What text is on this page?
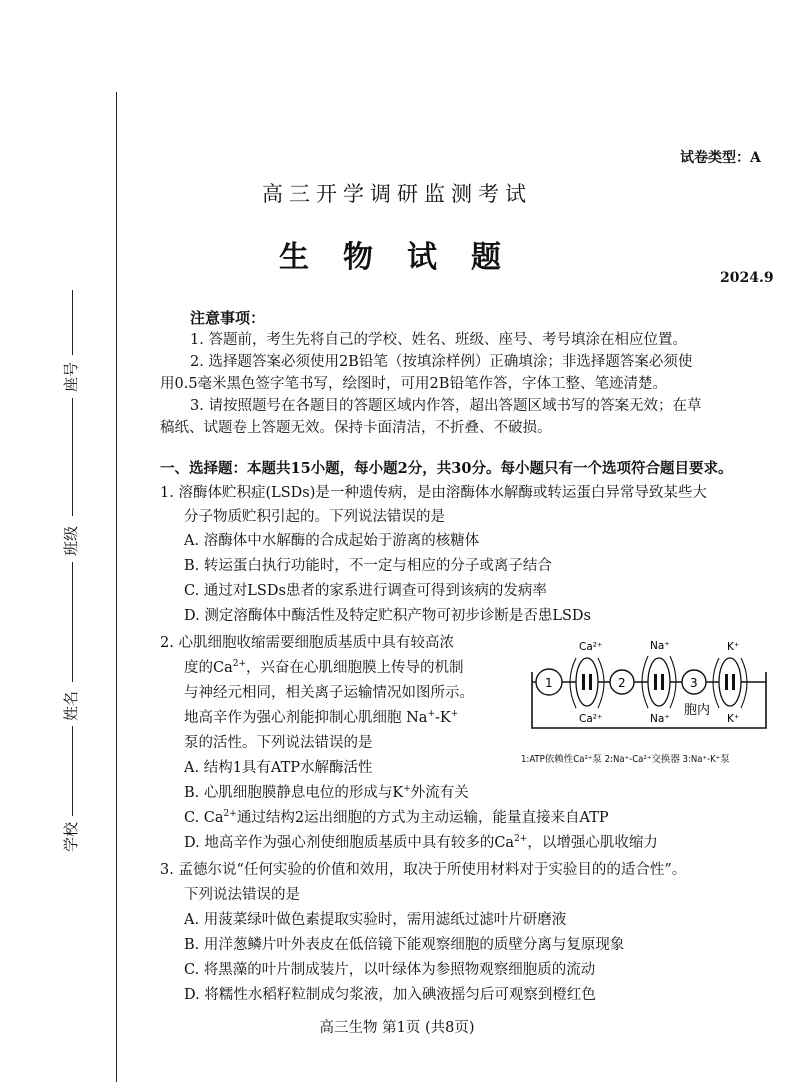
座号
班级
姓名
学校
试卷类型：A
高三开学调研监测考试
生物试题
2024.9
注意事项：
1. 答题前，考生先将自己的学校、姓名、班级、座号、考号填涂在相应位置。
2. 选择题答案必须使用2B铅笔（按填涂样例）正确填涂；非选择题答案必须使
用0.5毫米黑色签字笔书写，绘图时，可用2B铅笔作答，字体工整、笔迹清楚。
3. 请按照题号在各题目的答题区域内作答，超出答题区域书写的答案无效；在草
稿纸、试题卷上答题无效。保持卡面清洁，不折叠、不破损。
一、选择题：本题共15小题，每小题2分，共30分。每小题只有一个选项符合题目要求。
1. 溶酶体贮积症(LSDs)是一种遗传病，是由溶酶体水解酶或转运蛋白异常导致某些大
分子物质贮积引起的。下列说法错误的是
A. 溶酶体中水解酶的合成起始于游离的核糖体
B. 转运蛋白执行功能时，不一定与相应的分子或离子结合
C. 通过对LSDs患者的家系进行调查可得到该病的发病率
D. 测定溶酶体中酶活性及特定贮积产物可初步诊断是否患LSDs
2. 心肌细胞收缩需要细胞质基质中具有较高浓
度的$Ca^{2+}$，兴奋在心肌细胞膜上传导的机制
与神经元相同，相关离子运输情况如图所示。
地高辛作为强心剂能抑制心肌细胞 Na+-K+
泵的活性。下列说法错误的是
A. 结构1具有ATP水解酶活性
B. 心肌细胞膜静息电位的形成与K+外流有关
C. $Ca^{2+}$通过结构2运出细胞的方式为主动运输，能量直接来自ATP
D. 地高辛作为强心剂使细胞质基质中具有较多的$Ca^{2+}$，以增强心肌收缩力
1	2	3
Ca²⁺
Ca²⁺
Na⁺
Na⁺
K⁺
K⁺
胞内
1:ATP依赖性Ca²⁺泵 2:Na⁺-Ca²⁺交换器 3:Na⁺-K⁺泵
3. 孟德尔说“任何实验的价值和效用，取决于所使用材料对于实验目的的适合性”。
下列说法错误的是
A. 用菠菜绿叶做色素提取实验时，需用滤纸过滤叶片研磨液
B. 用洋葱鳞片叶外表皮在低倍镜下能观察细胞的质壁分离与复原现象
C. 将黑藻的叶片制成装片，以叶绿体为参照物观察细胞质的流动
D. 将糯性水稻籽粒制成匀浆液，加入碘液摇匀后可观察到橙红色
高三生物 第1页 (共8页)
